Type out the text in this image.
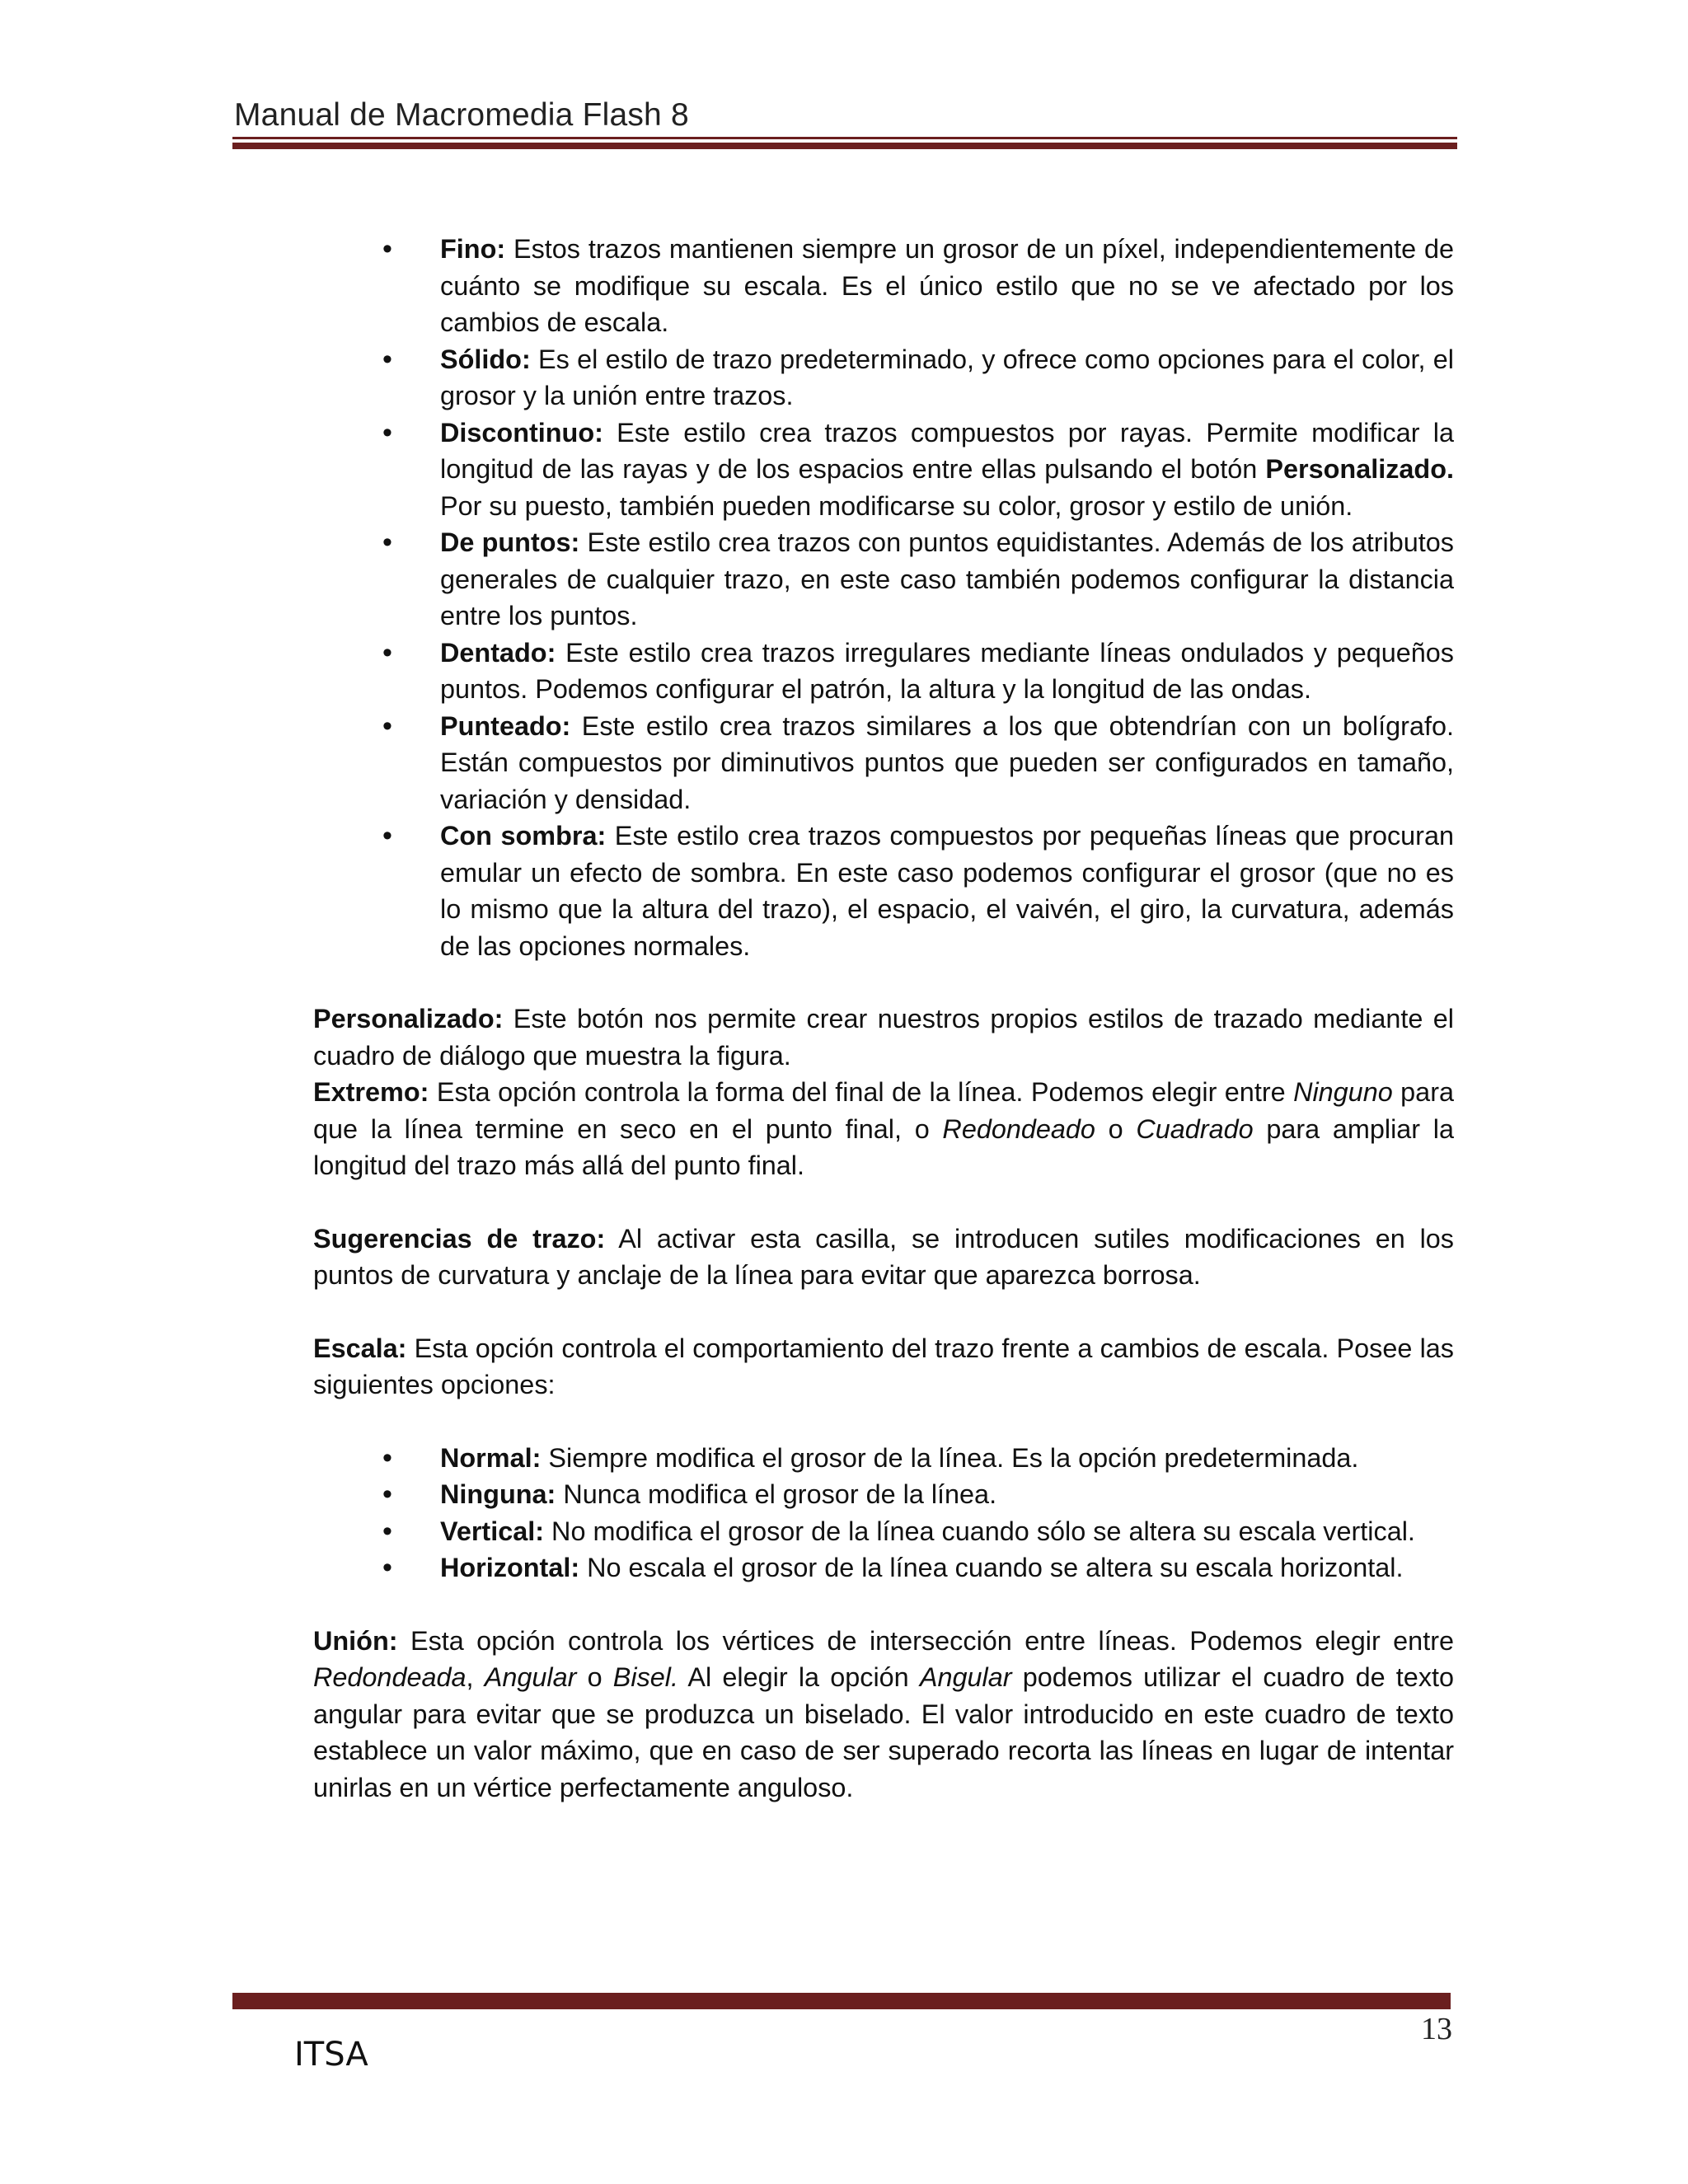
Manual de Macromedia Flash 8
• Fino: Estos trazos mantienen siempre un grosor de un píxel, independientemente de cuánto se modifique su escala. Es el único estilo que no se ve afectado por los cambios de escala.
• Sólido: Es el estilo de trazo predeterminado, y ofrece como opciones para el color, el grosor y la unión entre trazos.
• Discontinuo: Este estilo crea trazos compuestos por rayas. Permite modificar la longitud de las rayas y de los espacios entre ellas pulsando el botón Personalizado. Por su puesto, también pueden modificarse su color, grosor y estilo de unión.
• De puntos: Este estilo crea trazos con puntos equidistantes. Además de los atributos generales de cualquier trazo, en este caso también podemos configurar la distancia entre los puntos.
• Dentado: Este estilo crea trazos irregulares mediante líneas ondulados y pequeños puntos. Podemos configurar el patrón, la altura y la longitud de las ondas.
• Punteado: Este estilo crea trazos similares a los que obtendrían con un bolígrafo. Están compuestos por diminutivos puntos que pueden ser configurados en tamaño, variación y densidad.
• Con sombra: Este estilo crea trazos compuestos por pequeñas líneas que procuran emular un efecto de sombra. En este caso podemos configurar el grosor (que no es lo mismo que la altura del trazo), el espacio, el vaivén, el giro, la curvatura, además de las opciones normales.

Personalizado: Este botón nos permite crear nuestros propios estilos de trazado mediante el cuadro de diálogo que muestra la figura.

Extremo: Esta opción controla la forma del final de la línea. Podemos elegir entre Ninguno para que la línea termine en seco en el punto final, o Redondeado o Cuadrado para ampliar la longitud del trazo más allá del punto final.

Sugerencias de trazo: Al activar esta casilla, se introducen sutiles modificaciones en los puntos de curvatura y anclaje de la línea para evitar que aparezca borrosa.

Escala: Esta opción controla el comportamiento del trazo frente a cambios de escala. Posee las siguientes opciones:

• Normal: Siempre modifica el grosor de la línea. Es la opción predeterminada.
• Ninguna: Nunca modifica el grosor de la línea.
• Vertical: No modifica el grosor de la línea cuando sólo se altera su escala vertical.
• Horizontal: No escala el grosor de la línea cuando se altera su escala horizontal.

Unión: Esta opción controla los vértices de intersección entre líneas. Podemos elegir entre Redondeada, Angular o Bisel. Al elegir la opción Angular podemos utilizar el cuadro de texto angular para evitar que se produzca un biselado. El valor introducido en este cuadro de texto establece un valor máximo, que en caso de ser superado recorta las líneas en lugar de intentar unirlas en un vértice perfectamente anguloso.

13
ITSA
